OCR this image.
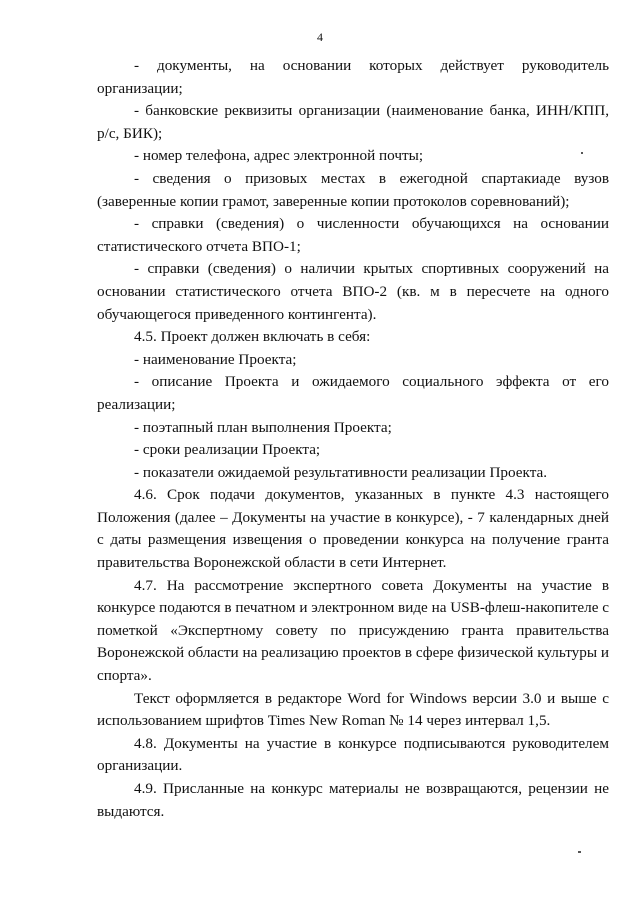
4

- документы, на основании которых действует руководитель организации;

- банковские реквизиты организации (наименование банка, ИНН/КПП, р/с, БИК);

- номер телефона, адрес электронной почты;

- сведения о призовых местах в ежегодной спартакиаде вузов (заверенные копии грамот, заверенные копии протоколов соревнований);

- справки (сведения) о численности обучающихся на основании статистического отчета ВПО-1;

- справки (сведения) о наличии крытых спортивных сооружений на основании статистического отчета ВПО-2 (кв. м в пересчете на одного обучающегося приведенного контингента).

4.5. Проект должен включать в себя:

- наименование Проекта;

- описание Проекта и ожидаемого социального эффекта от его реализации;

- поэтапный план выполнения Проекта;

- сроки реализации Проекта;

- показатели ожидаемой результативности реализации Проекта.

4.6. Срок подачи документов, указанных в пункте 4.3 настоящего Положения (далее – Документы на участие в конкурсе), - 7 календарных дней с даты размещения извещения о проведении конкурса на получение гранта правительства Воронежской области в сети Интернет.

4.7. На рассмотрение экспертного совета Документы на участие в конкурсе подаются в печатном и электронном виде на USB-флеш-накопителе с пометкой «Экспертному совету по присуждению гранта правительства Воронежской области на реализацию проектов в сфере физической культуры и спорта».

Текст оформляется в редакторе Word for Windows версии 3.0 и выше с использованием шрифтов Times New Roman № 14 через интервал 1,5.

4.8. Документы на участие в конкурсе подписываются руководителем организации.

4.9. Присланные на конкурс материалы не возвращаются, рецензии не выдаются.
